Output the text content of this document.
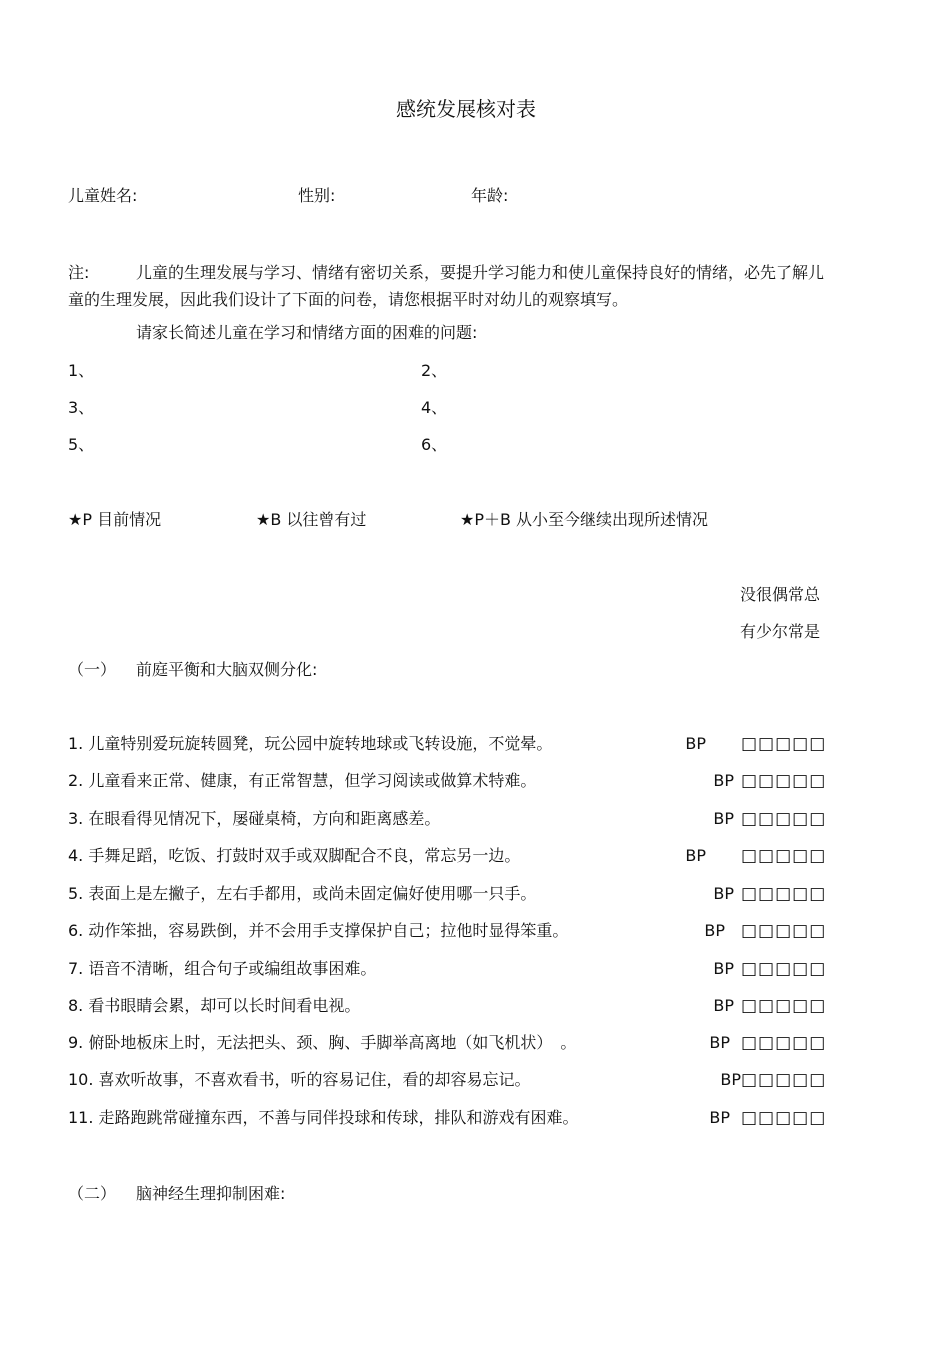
感统发展核对表
儿童姓名:	性别:	年龄:
注:	儿童的生理发展与学习、情绪有密切关系，要提升学习能力和使儿童保持良好的情绪，必先了解儿童的生理发展，因此我们设计了下面的问卷，请您根据平时对幼儿的观察填写。
请家长简述儿童在学习和情绪方面的困难的问题:
1、	2、
3、	4、
5、	6、
★P 目前情况	★B 以往曾有过	★P＋B 从小至今继续出现所述情况
没很偶常总
有少尔常是
（一） 前庭平衡和大脑双侧分化:
1. 儿童特别爱玩旋转圆凳，玩公园中旋转地球或飞转设施，不觉晕。	BP □□□□□
2. 儿童看来正常、健康，有正常智慧，但学习阅读或做算术特难。	BP □□□□□
3. 在眼看得见情况下，屡碰桌椅，方向和距离感差。	BP □□□□□
4. 手舞足蹈，吃饭、打鼓时双手或双脚配合不良，常忘另一边。	BP □□□□□
5. 表面上是左撇子，左右手都用，或尚未固定偏好使用哪一只手。	BP □□□□□
6. 动作笨拙，容易跌倒，并不会用手支撑保护自己；拉他时显得笨重。	BP □□□□□
7. 语音不清晰，组合句子或编组故事困难。	BP □□□□□
8. 看书眼睛会累，却可以长时间看电视。	BP □□□□□
9. 俯卧地板床上时，无法把头、颈、胸、手脚举高离地（如飞机状）　。	BP □□□□□
10. 喜欢听故事，不喜欢看书，听的容易记住，看的却容易忘记。	BP □□□□□
11. 走路跑跳常碰撞东西，不善与同伴投球和传球，排队和游戏有困难。	BP □□□□□
（二） 脑神经生理抑制困难:
